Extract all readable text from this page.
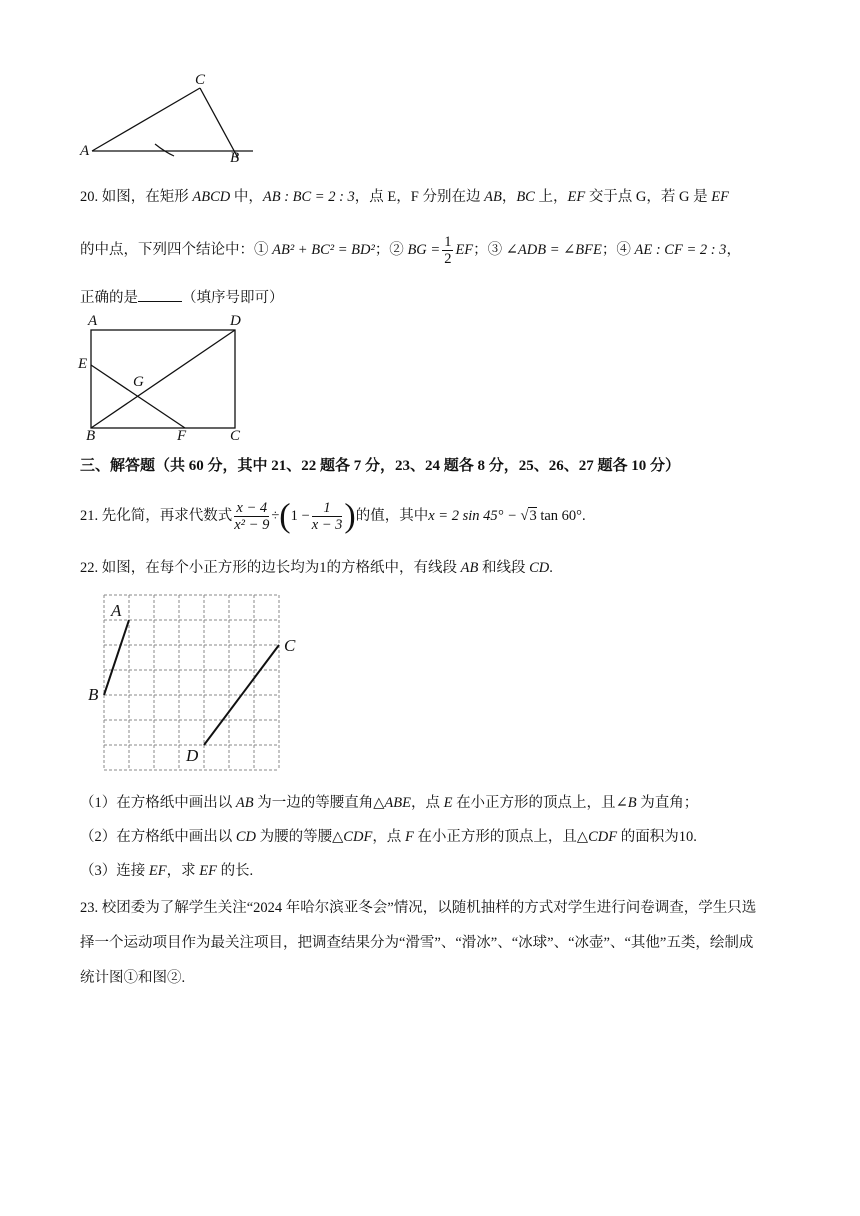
C
A	B
20. 如图，在矩形 ABCD 中，AB : BC = 2 : 3，点 E，F 分别在边 AB，BC 上，EF 交于点 G，若 G 是 EF
的中点，下列四个结论中：① AB² + BC² = BD²；② BG = $\frac{1}{2}$ EF；③ ∠ADB = ∠BFE；④ AE : CF = 2 : 3，
正确的是	（填序号即可）
A	D
E
G
B	F	C
三、解答题（共 60 分，其中 21、22 题各 7 分，23、24 题各 8 分，25、26、27 题各 10 分）
21. 先化简，再求代数式 $\frac{x - 4}{\text{x² − 9}} \div(1 - \frac{1}{x - 3}$ )的值，其中x = 2 sin 45° − √3 tan 60°.
22. 如图，在每个小正方形的边长均为1的方格纸中，有线段 AB 和线段 CD.
A
B
C
D
（1）在方格纸中画出以 AB 为一边的等腰直角△ABE，点 E 在小正方形的顶点上，且∠B 为直角；
（2）在方格纸中画出以 CD 为腰的等腰△CDF，点 F 在小正方形的顶点上，且△CDF 的面积为10.
（3）连接 EF，求 EF 的长.
23. 校团委为了解学生关注“2024 年哈尔滨亚冬会”情况，以随机抽样的方式对学生进行问卷调查，学生只选
择一个运动项目作为最关注项目，把调查结果分为“滑雪”、“滑冰”、“冰球”、“冰壶”、“其他”五类，绘制成
统计图①和图②.
